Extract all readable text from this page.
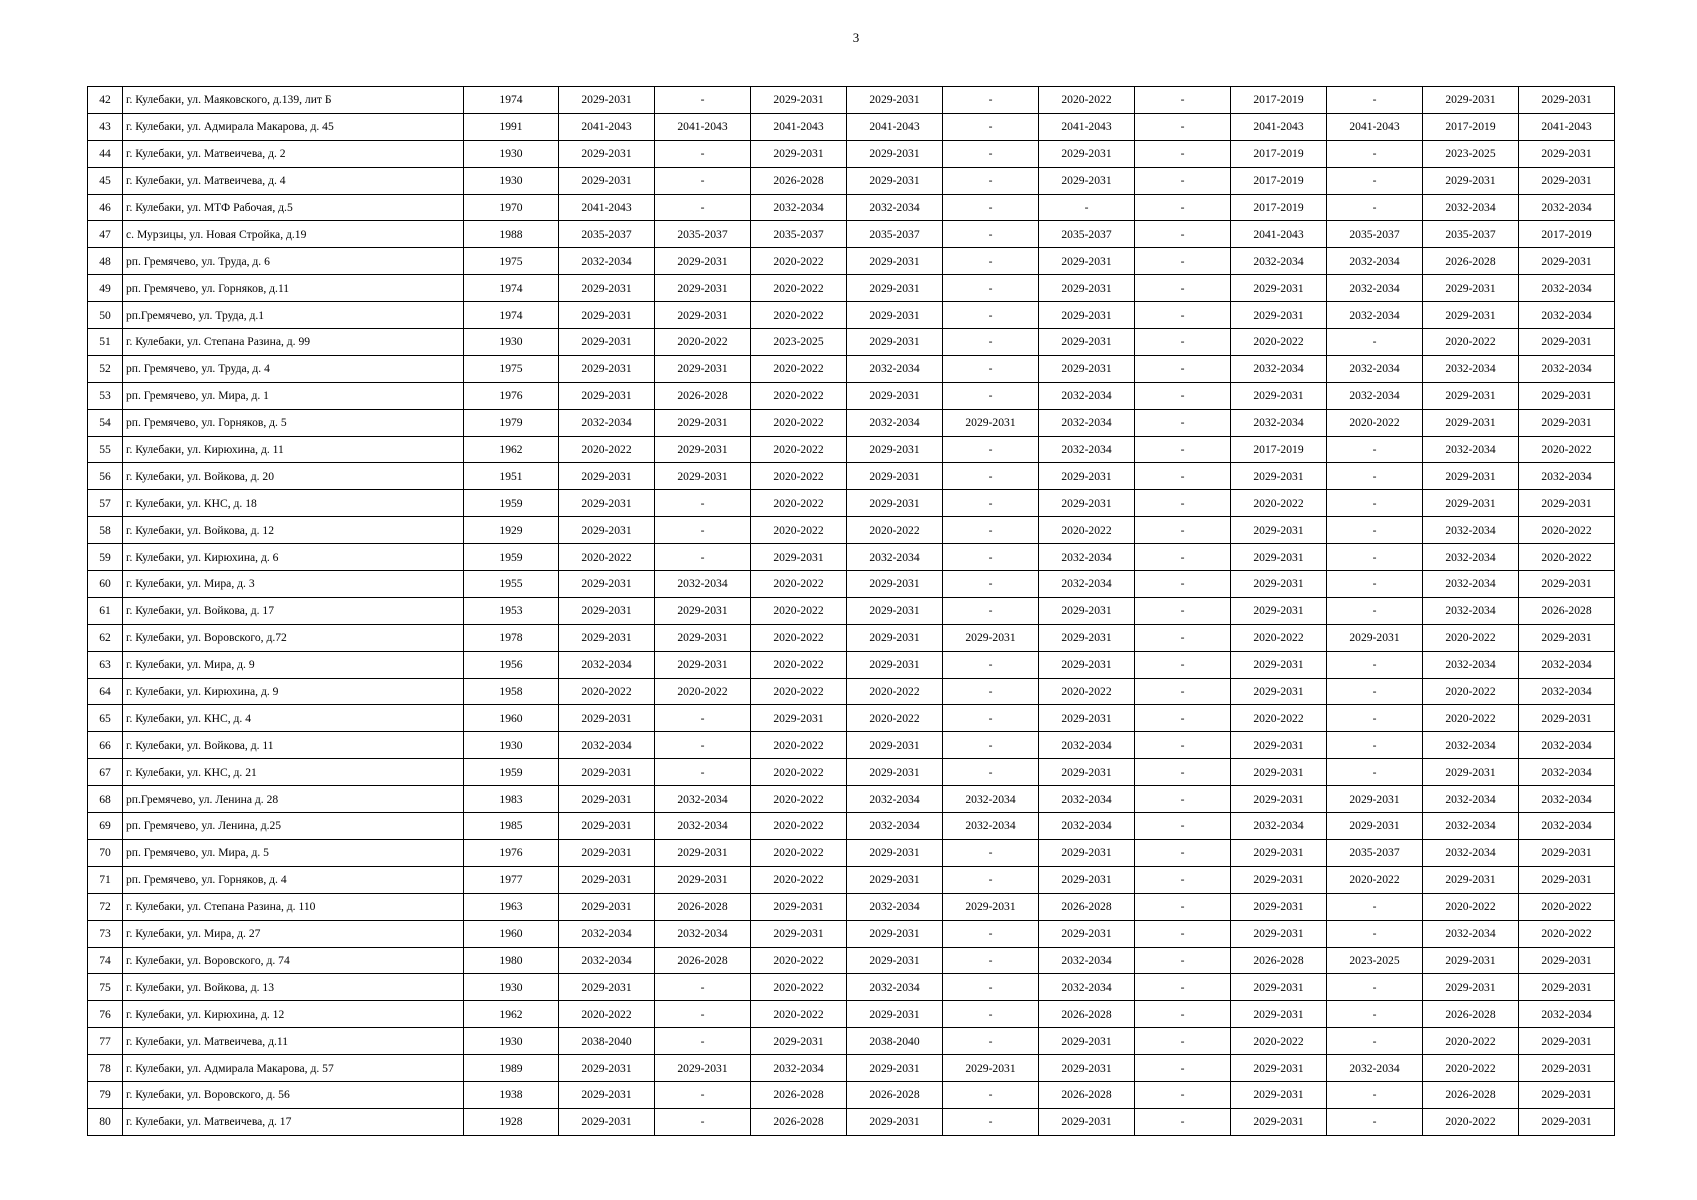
3
42	г. Кулебаки, ул. Маяковского, д.139, лит Б	1974	2029-2031	-	2029-2031	2029-2031	-	2020-2022	-	2017-2019	-	2029-2031	2029-2031
43	г. Кулебаки, ул. Адмирала Макарова, д. 45	1991	2041-2043	2041-2043	2041-2043	2041-2043	-	2041-2043	-	2041-2043	2041-2043	2017-2019	2041-2043
44	г. Кулебаки, ул. Матвеичева, д. 2	1930	2029-2031	-	2029-2031	2029-2031	-	2029-2031	-	2017-2019	-	2023-2025	2029-2031
45	г. Кулебаки, ул. Матвеичева, д. 4	1930	2029-2031	-	2026-2028	2029-2031	-	2029-2031	-	2017-2019	-	2029-2031	2029-2031
46	г. Кулебаки, ул. МТФ Рабочая, д.5	1970	2041-2043	-	2032-2034	2032-2034	-	-	-	2017-2019	-	2032-2034	2032-2034
47	с. Мурзицы, ул. Новая Стройка, д.19	1988	2035-2037	2035-2037	2035-2037	2035-2037	-	2035-2037	-	2041-2043	2035-2037	2035-2037	2017-2019
48	рп. Гремячево, ул. Труда, д. 6	1975	2032-2034	2029-2031	2020-2022	2029-2031	-	2029-2031	-	2032-2034	2032-2034	2026-2028	2029-2031
49	рп. Гремячево, ул. Горняков, д.11	1974	2029-2031	2029-2031	2020-2022	2029-2031	-	2029-2031	-	2029-2031	2032-2034	2029-2031	2032-2034
50	рп.Гремячево, ул. Труда, д.1	1974	2029-2031	2029-2031	2020-2022	2029-2031	-	2029-2031	-	2029-2031	2032-2034	2029-2031	2032-2034
51	г. Кулебаки, ул. Степана Разина, д. 99	1930	2029-2031	2020-2022	2023-2025	2029-2031	-	2029-2031	-	2020-2022	-	2020-2022	2029-2031
52	рп. Гремячево, ул. Труда, д. 4	1975	2029-2031	2029-2031	2020-2022	2032-2034	-	2029-2031	-	2032-2034	2032-2034	2032-2034	2032-2034
53	рп. Гремячево, ул. Мира, д. 1	1976	2029-2031	2026-2028	2020-2022	2029-2031	-	2032-2034	-	2029-2031	2032-2034	2029-2031	2029-2031
54	рп. Гремячево, ул. Горняков, д. 5	1979	2032-2034	2029-2031	2020-2022	2032-2034	2029-2031	2032-2034	-	2032-2034	2020-2022	2029-2031	2029-2031
55	г. Кулебаки, ул. Кирюхина, д. 11	1962	2020-2022	2029-2031	2020-2022	2029-2031	-	2032-2034	-	2017-2019	-	2032-2034	2020-2022
56	г. Кулебаки, ул. Войкова, д. 20	1951	2029-2031	2029-2031	2020-2022	2029-2031	-	2029-2031	-	2029-2031	-	2029-2031	2032-2034
57	г. Кулебаки, ул. КНС, д. 18	1959	2029-2031	-	2020-2022	2029-2031	-	2029-2031	-	2020-2022	-	2029-2031	2029-2031
58	г. Кулебаки, ул. Войкова, д. 12	1929	2029-2031	-	2020-2022	2020-2022	-	2020-2022	-	2029-2031	-	2032-2034	2020-2022
59	г. Кулебаки, ул. Кирюхина, д. 6	1959	2020-2022	-	2029-2031	2032-2034	-	2032-2034	-	2029-2031	-	2032-2034	2020-2022
60	г. Кулебаки, ул. Мира, д. 3	1955	2029-2031	2032-2034	2020-2022	2029-2031	-	2032-2034	-	2029-2031	-	2032-2034	2029-2031
61	г. Кулебаки, ул. Войкова, д. 17	1953	2029-2031	2029-2031	2020-2022	2029-2031	-	2029-2031	-	2029-2031	-	2032-2034	2026-2028
62	г. Кулебаки, ул. Воровского, д.72	1978	2029-2031	2029-2031	2020-2022	2029-2031	2029-2031	2029-2031	-	2020-2022	2029-2031	2020-2022	2029-2031
63	г. Кулебаки, ул. Мира, д. 9	1956	2032-2034	2029-2031	2020-2022	2029-2031	-	2029-2031	-	2029-2031	-	2032-2034	2032-2034
64	г. Кулебаки, ул. Кирюхина, д. 9	1958	2020-2022	2020-2022	2020-2022	2020-2022	-	2020-2022	-	2029-2031	-	2020-2022	2032-2034
65	г. Кулебаки, ул. КНС, д. 4	1960	2029-2031	-	2029-2031	2020-2022	-	2029-2031	-	2020-2022	-	2020-2022	2029-2031
66	г. Кулебаки, ул. Войкова, д. 11	1930	2032-2034	-	2020-2022	2029-2031	-	2032-2034	-	2029-2031	-	2032-2034	2032-2034
67	г. Кулебаки, ул. КНС, д. 21	1959	2029-2031	-	2020-2022	2029-2031	-	2029-2031	-	2029-2031	-	2029-2031	2032-2034
68	рп.Гремячево, ул. Ленина д. 28	1983	2029-2031	2032-2034	2020-2022	2032-2034	2032-2034	2032-2034	-	2029-2031	2029-2031	2032-2034	2032-2034
69	рп. Гремячево, ул. Ленина, д.25	1985	2029-2031	2032-2034	2020-2022	2032-2034	2032-2034	2032-2034	-	2032-2034	2029-2031	2032-2034	2032-2034
70	рп. Гремячево, ул. Мира, д. 5	1976	2029-2031	2029-2031	2020-2022	2029-2031	-	2029-2031	-	2029-2031	2035-2037	2032-2034	2029-2031
71	рп. Гремячево, ул. Горняков, д. 4	1977	2029-2031	2029-2031	2020-2022	2029-2031	-	2029-2031	-	2029-2031	2020-2022	2029-2031	2029-2031
72	г. Кулебаки, ул. Степана Разина, д. 110	1963	2029-2031	2026-2028	2029-2031	2032-2034	2029-2031	2026-2028	-	2029-2031	-	2020-2022	2020-2022
73	г. Кулебаки, ул. Мира, д. 27	1960	2032-2034	2032-2034	2029-2031	2029-2031	-	2029-2031	-	2029-2031	-	2032-2034	2020-2022
74	г. Кулебаки, ул. Воровского, д. 74	1980	2032-2034	2026-2028	2020-2022	2029-2031	-	2032-2034	-	2026-2028	2023-2025	2029-2031	2029-2031
75	г. Кулебаки, ул. Войкова, д. 13	1930	2029-2031	-	2020-2022	2032-2034	-	2032-2034	-	2029-2031	-	2029-2031	2029-2031
76	г. Кулебаки, ул. Кирюхина, д. 12	1962	2020-2022	-	2020-2022	2029-2031	-	2026-2028	-	2029-2031	-	2026-2028	2032-2034
77	г. Кулебаки, ул. Матвеичева, д.11	1930	2038-2040	-	2029-2031	2038-2040	-	2029-2031	-	2020-2022	-	2020-2022	2029-2031
78	г. Кулебаки, ул. Адмирала Макарова, д. 57	1989	2029-2031	2029-2031	2032-2034	2029-2031	2029-2031	2029-2031	-	2029-2031	2032-2034	2020-2022	2029-2031
79	г. Кулебаки, ул. Воровского, д. 56	1938	2029-2031	-	2026-2028	2026-2028	-	2026-2028	-	2029-2031	-	2026-2028	2029-2031
80	г. Кулебаки, ул. Матвеичева, д. 17	1928	2029-2031	-	2026-2028	2029-2031	-	2029-2031	-	2029-2031	-	2020-2022	2029-2031
